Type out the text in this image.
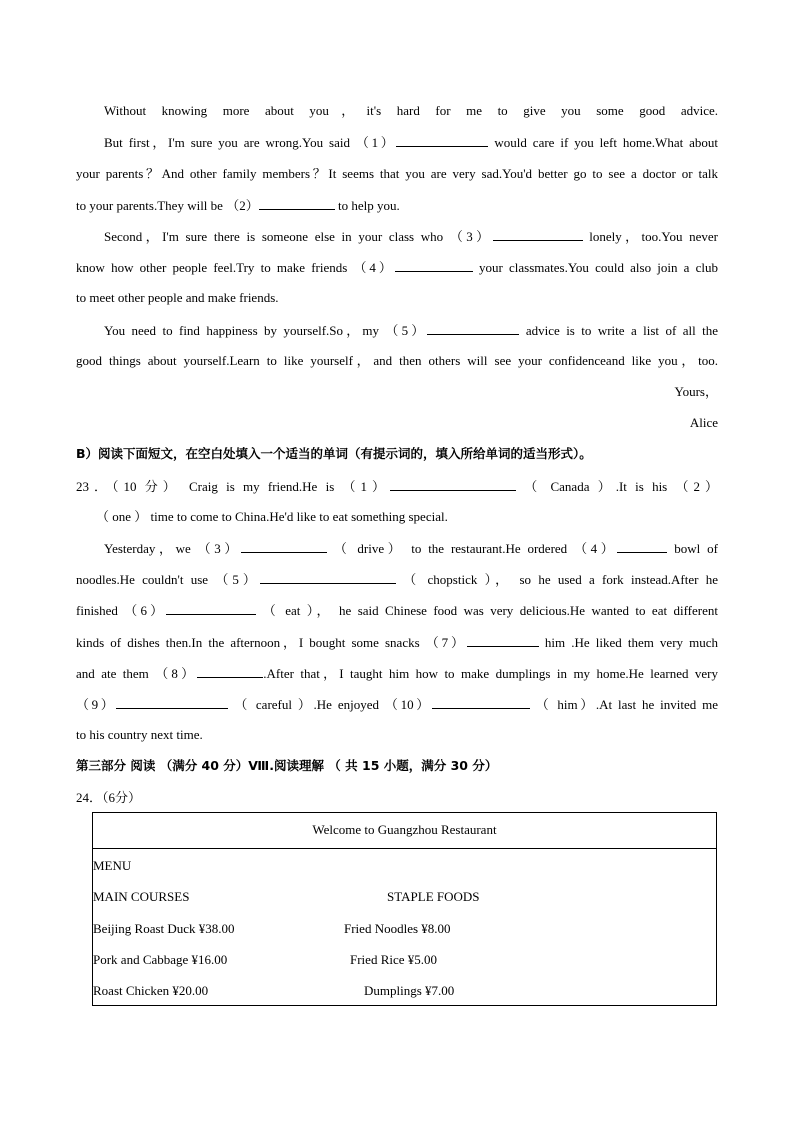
Without knowing more about you，it's hard for me to give you some good advice.
But first，I'm sure you are wrong.You said （1）	would care if you left home.What about
your parents？And other family members？It seems that you are very sad.You'd better go to see a doctor or talk
to your parents.They will be （2）	to help you.
Second，I'm sure there is someone else in your class who （3）	lonely，too.You never
know how other people feel.Try to make friends （4）	your classmates.You could also join a club
to meet other people and make friends.
You need to find happiness by yourself.So，my （5）	advice is to write a list of all the
good things about yourself.Learn to like yourself，and then others will see your confidenceand like you，too.
Yours，
Alice
B）阅读下面短文，在空白处填入一个适当的单词（有提示词的，填入所给单词的适当形式）。
23．（10 分） Craig is my friend.He is （1）	（ Canada ）.It is his （2）
（ one ） time to come to China.He'd like to eat something special.
Yesterday，we （3）	（ drive） to the restaurant.He ordered （4）	bowl of
noodles.He couldn't use （5）	（ chopstick ）， so he used a fork instead.After he
finished （6）	（ eat ）， he said Chinese food was very delicious.He wanted to eat different
kinds of dishes then.In the afternoon，I bought some snacks （7）	him .He liked them very much
and ate them （8）	.After that，I taught him how to make dumplings in my home.He learned very
（9）	（ careful ）.He enjoyed （10）	（ him）.At last he invited me
to his country next time.
第三部分 阅读 （满分 40 分）Ⅷ.阅读理解 （ 共 15 小题，满分 30 分）
24．（6分）
Welcome to Guangzhou Restaurant
MENU
MAIN COURSES	STAPLE FOODS
Beijing Roast Duck ¥38.00	Fried Noodles ¥8.00
Pork and Cabbage ¥16.00	Fried Rice ¥5.00
Roast Chicken ¥20.00	Dumplings ¥7.00
